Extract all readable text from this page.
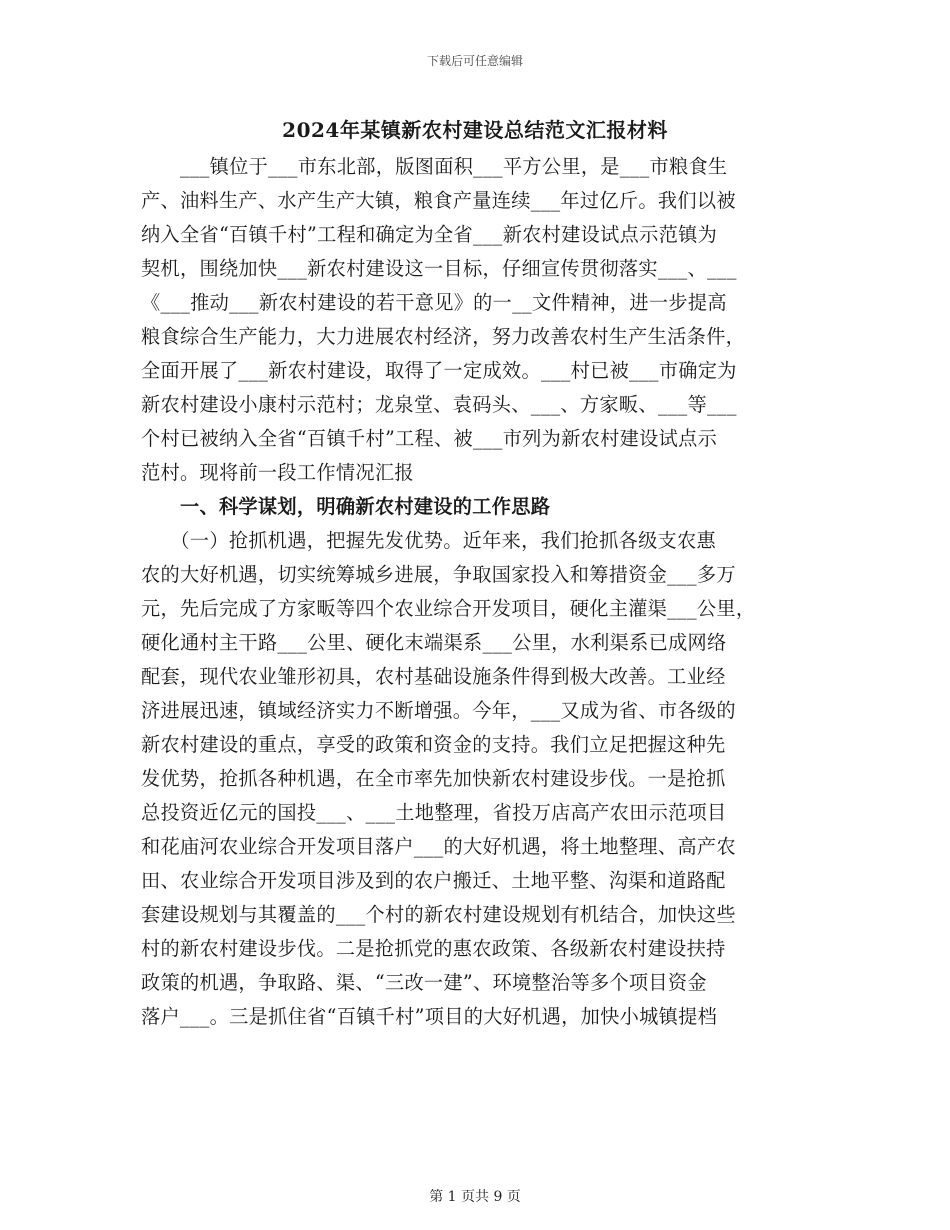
下载后可任意编辑
2024年某镇新农村建设总结范文汇报材料
　　___镇位于___市东北部，版图面积___平方公里，是___市粮食生
产、油料生产、水产生产大镇，粮食产量连续___年过亿斤。我们以被
纳入全省“百镇千村”工程和确定为全省___新农村建设试点示范镇为
契机，围绕加快___新农村建设这一目标，仔细宣传贯彻落实___、___
《___推动___新农村建设的若干意见》的一__文件精神，进一步提高
粮食综合生产能力，大力进展农村经济，努力改善农村生产生活条件，
全面开展了___新农村建设，取得了一定成效。___村已被___市确定为
新农村建设小康村示范村；龙泉堂、袁码头、___、方家畈、___等___
个村已被纳入全省“百镇千村”工程、被___市列为新农村建设试点示
范村。现将前一段工作情况汇报
　　一、科学谋划，明确新农村建设的工作思路
　　（一）抢抓机遇，把握先发优势。近年来，我们抢抓各级支农惠
农的大好机遇，切实统筹城乡进展，争取国家投入和筹措资金___多万
元，先后完成了方家畈等四个农业综合开发项目，硬化主灌渠___公里，
硬化通村主干路___公里、硬化末端渠系___公里，水利渠系已成网络
配套，现代农业雏形初具，农村基础设施条件得到极大改善。工业经
济进展迅速，镇域经济实力不断增强。今年，___又成为省、市各级的
新农村建设的重点，享受的政策和资金的支持。我们立足把握这种先
发优势，抢抓各种机遇，在全市率先加快新农村建设步伐。一是抢抓
总投资近亿元的国投___、___土地整理，省投万店高产农田示范项目
和花庙河农业综合开发项目落户___的大好机遇，将土地整理、高产农
田、农业综合开发项目涉及到的农户搬迁、土地平整、沟渠和道路配
套建设规划与其覆盖的___个村的新农村建设规划有机结合，加快这些
村的新农村建设步伐。二是抢抓党的惠农政策、各级新农村建设扶持
政策的机遇，争取路、渠、“三改一建”、环境整治等多个项目资金
落户___。三是抓住省“百镇千村”项目的大好机遇，加快小城镇提档
第 1 页共 9 页
